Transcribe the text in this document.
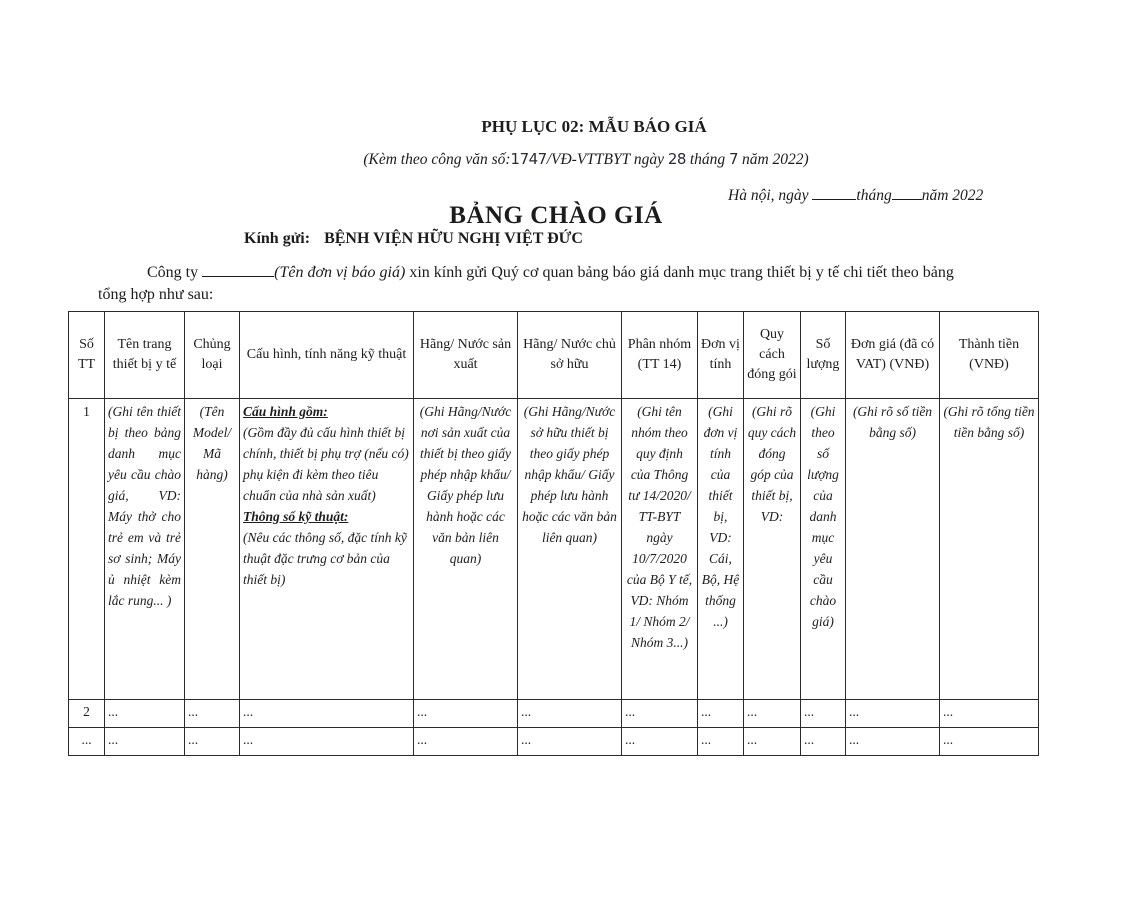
PHỤ LỤC 02: MẪU BÁO GIÁ
(Kèm theo công văn số:1747/VĐ-VTTBYT ngày 28 tháng 7 năm 2022)
Hà nội, ngày	tháng năm 2022
BẢNG CHÀO GIÁ
Kính gửi: BỆNH VIỆN HỮU NGHỊ VIỆT ĐỨC
Công ty	(Tên đơn vị báo giá) xin kính gửi Quý cơ quan bảng báo giá danh mục trang thiết bị y tế chi tiết theo bảng
tổng hợp như sau:
Số TT	Tên trang thiết bị y tế	Chủng loại	Cấu hình, tính năng kỹ thuật	Hãng/ Nước sản xuất	Hãng/ Nước chủ sở hữu	Phân nhóm (TT 14)	Đơn vị tính	Quy cách đóng gói	Số lượng	Đơn giá (đã có VAT) (VNĐ)	Thành tiền (VNĐ)
1	(Ghi tên thiết bị theo bảng danh mục yêu cầu chào giá, VD: Máy thở cho trẻ em và trẻ sơ sinh; Máy ủ nhiệt kèm lắc rung... )	(Tên Model/ Mã hàng)	Cấu hình gồm:
(Gồm đầy đủ cấu hình thiết bị chính, thiết bị phụ trợ (nếu có) phụ kiện đi kèm theo tiêu chuẩn của nhà sản xuất)
Thông số kỹ thuật:
(Nêu các thông số, đặc tính kỹ thuật đặc trưng cơ bản của thiết bị)	(Ghi Hãng/Nước nơi sản xuất của thiết bị theo giấy phép nhập khẩu/ Giấy phép lưu hành hoặc các văn bản liên quan)	(Ghi Hãng/Nước sở hữu thiết bị theo giấy phép nhập khẩu/ Giấy phép lưu hành hoặc các văn bản liên quan)	(Ghi tên nhóm theo quy định của Thông tư 14/2020/ TT-BYT ngày 10/7/2020 của Bộ Y tế, VD: Nhóm 1/ Nhóm 2/ Nhóm 3...)	(Ghi đơn vị tính của thiết bị, VD: Cái, Bộ, Hệ thống ...)	(Ghi rõ quy cách đóng góp của thiết bị, VD:	(Ghi theo số lượng của danh mục yêu cầu chào giá)	(Ghi rõ số tiền bằng số)	(Ghi rõ tổng tiền tiền bằng số)
2	...	...	...	...	...	...	...	...	...	...	...
...	...	...	...	...	...	...	...	...	...	...	...
